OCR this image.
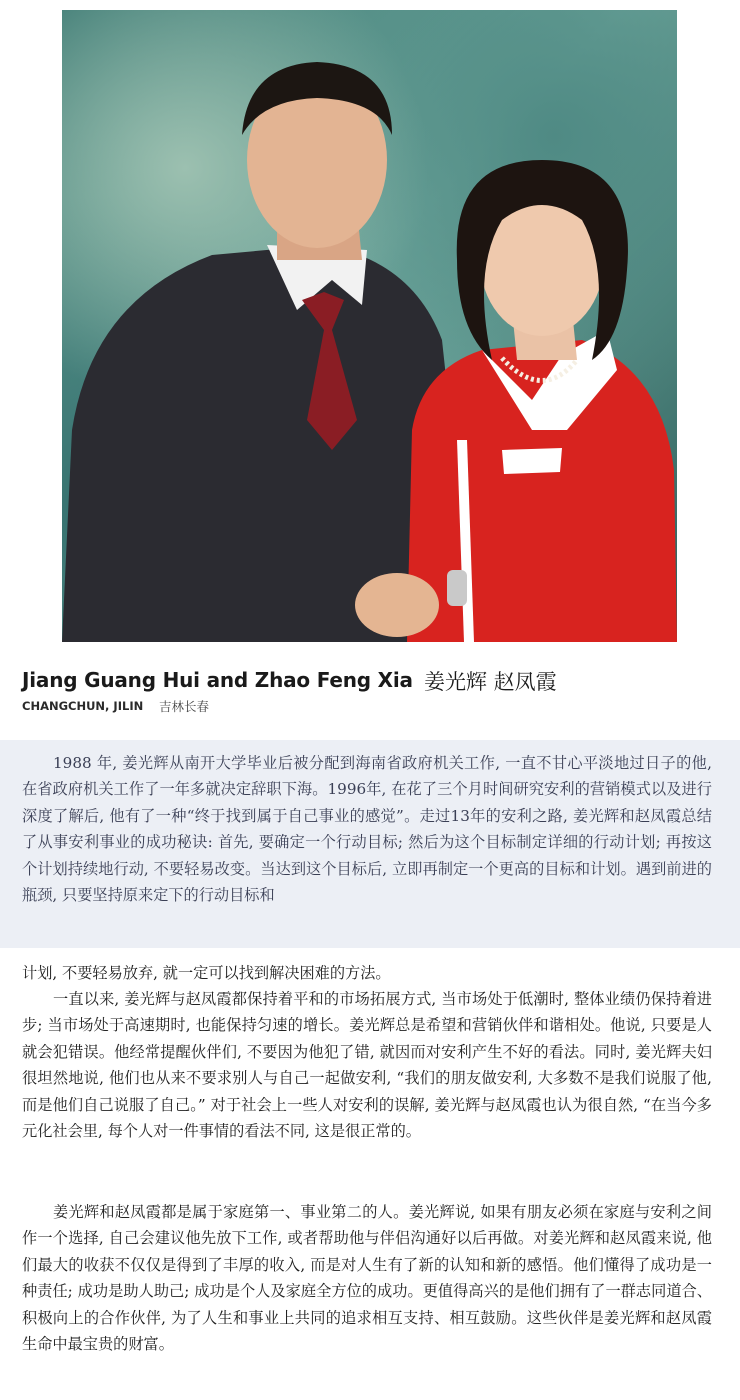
Jiang Guang Hui and Zhao Feng Xia 姜光辉 赵凤霞
CHANGCHUN, JILIN 吉林长春

1988 年, 姜光辉从南开大学毕业后被分配到海南省政府机关工作, 一直不甘心平淡地过日子的他, 在省政府机关工作了一年多就决定辞职下海。1996年, 在花了三个月时间研究安利的营销模式以及进行深度了解后, 他有了一种“终于找到属于自己事业的感觉”。走过13年的安利之路, 姜光辉和赵凤霞总结了从事安利事业的成功秘诀: 首先, 要确定一个行动目标; 然后为这个目标制定详细的行动计划; 再按这个计划持续地行动, 不要轻易改变。当达到这个目标后, 立即再制定一个更高的目标和计划。遇到前进的瓶颈, 只要坚持原来定下的行动目标和

计划, 不要轻易放弃, 就一定可以找到解决困难的方法。

一直以来, 姜光辉与赵凤霞都保持着平和的市场拓展方式, 当市场处于低潮时, 整体业绩仍保持着进步; 当市场处于高速期时, 也能保持匀速的增长。姜光辉总是希望和营销伙伴和谐相处。他说, 只要是人就会犯错误。他经常提醒伙伴们, 不要因为他犯了错, 就因而对安利产生不好的看法。同时, 姜光辉夫妇很坦然地说, 他们也从来不要求别人与自己一起做安利, “我们的朋友做安利, 大多数不是我们说服了他, 而是他们自己说服了自己。” 对于社会上一些人对安利的误解, 姜光辉与赵凤霞也认为很自然, “在当今多元化社会里, 每个人对一件事情的看法不同, 这是很正常的。

姜光辉和赵凤霞都是属于家庭第一、事业第二的人。姜光辉说, 如果有朋友必须在家庭与安利之间作一个选择, 自己会建议他先放下工作, 或者帮助他与伴侣沟通好以后再做。对姜光辉和赵凤霞来说, 他们最大的收获不仅仅是得到了丰厚的收入, 而是对人生有了新的认知和新的感悟。他们懂得了成功是一种责任; 成功是助人助己; 成功是个人及家庭全方位的成功。更值得高兴的是他们拥有了一群志同道合、积极向上的合作伙伴, 为了人生和事业上共同的追求相互支持、相互鼓励。这些伙伴是姜光辉和赵凤霞生命中最宝贵的财富。
